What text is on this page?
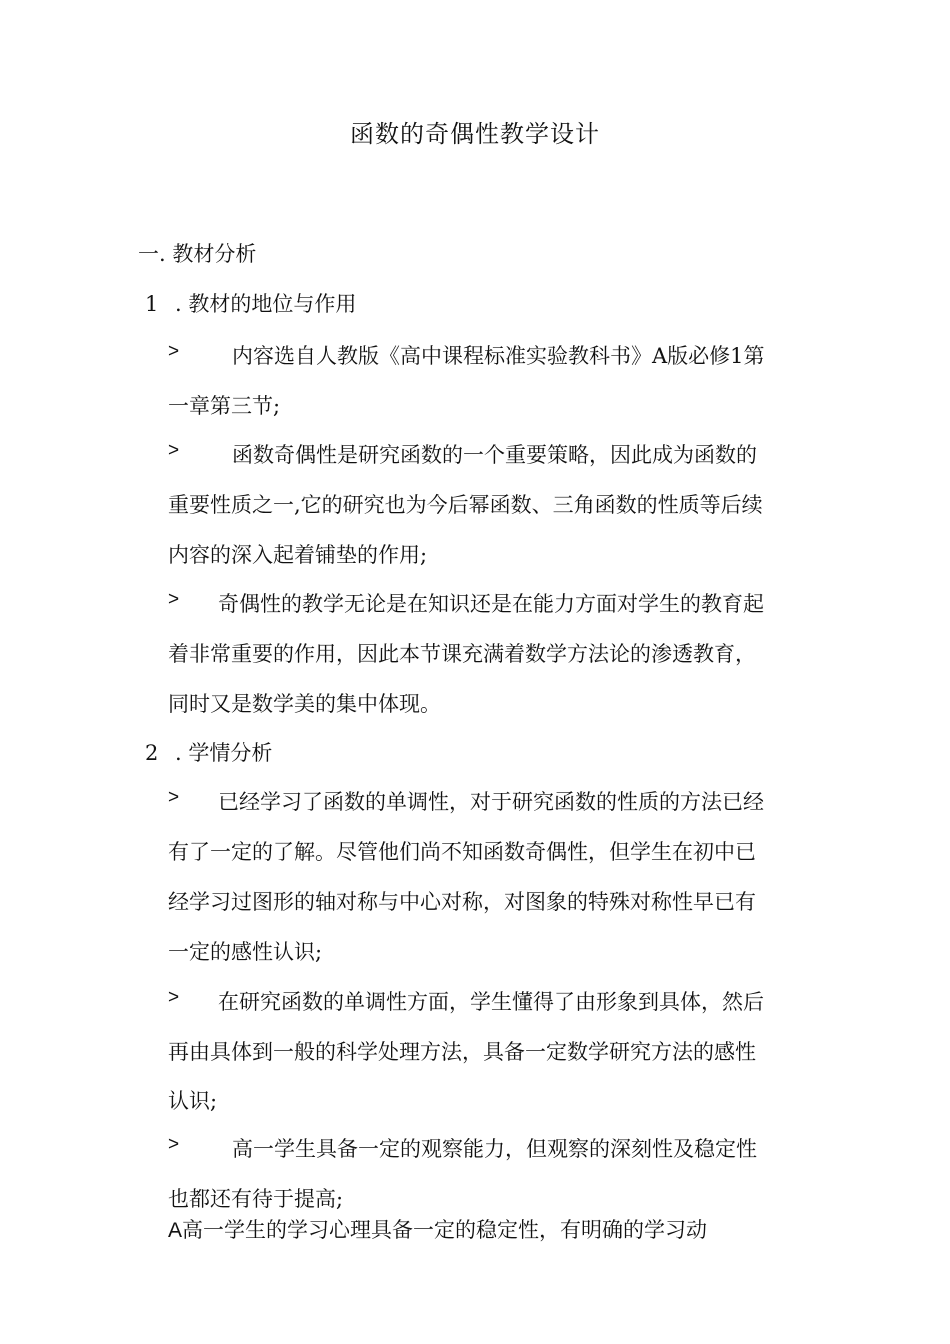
函数的奇偶性教学设计
一. 教材分析
1 . 教材的地位与作用
>	内容选自人教版《高中课程标准实验教科书》A版必修1第
一章第三节;
>	函数奇偶性是研究函数的一个重要策略，因此成为函数的
重要性质之一,它的研究也为今后幂函数、三角函数的性质等后续
内容的深入起着铺垫的作用;
> 奇偶性的教学无论是在知识还是在能力方面对学生的教育起
着非常重要的作用，因此本节课充满着数学方法论的渗透教育，
同时又是数学美的集中体现。
2 . 学情分析
> 已经学习了函数的单调性，对于研究函数的性质的方法已经
有了一定的了解。尽管他们尚不知函数奇偶性，但学生在初中已
经学习过图形的轴对称与中心对称，对图象的特殊对称性早已有
一定的感性认识;
> 在研究函数的单调性方面，学生懂得了由形象到具体，然后
再由具体到一般的科学处理方法，具备一定数学研究方法的感性
认识;
>	高一学生具备一定的观察能力，但观察的深刻性及稳定性
也都还有待于提高;
A高一学生的学习心理具备一定的稳定性，有明确的学习动
